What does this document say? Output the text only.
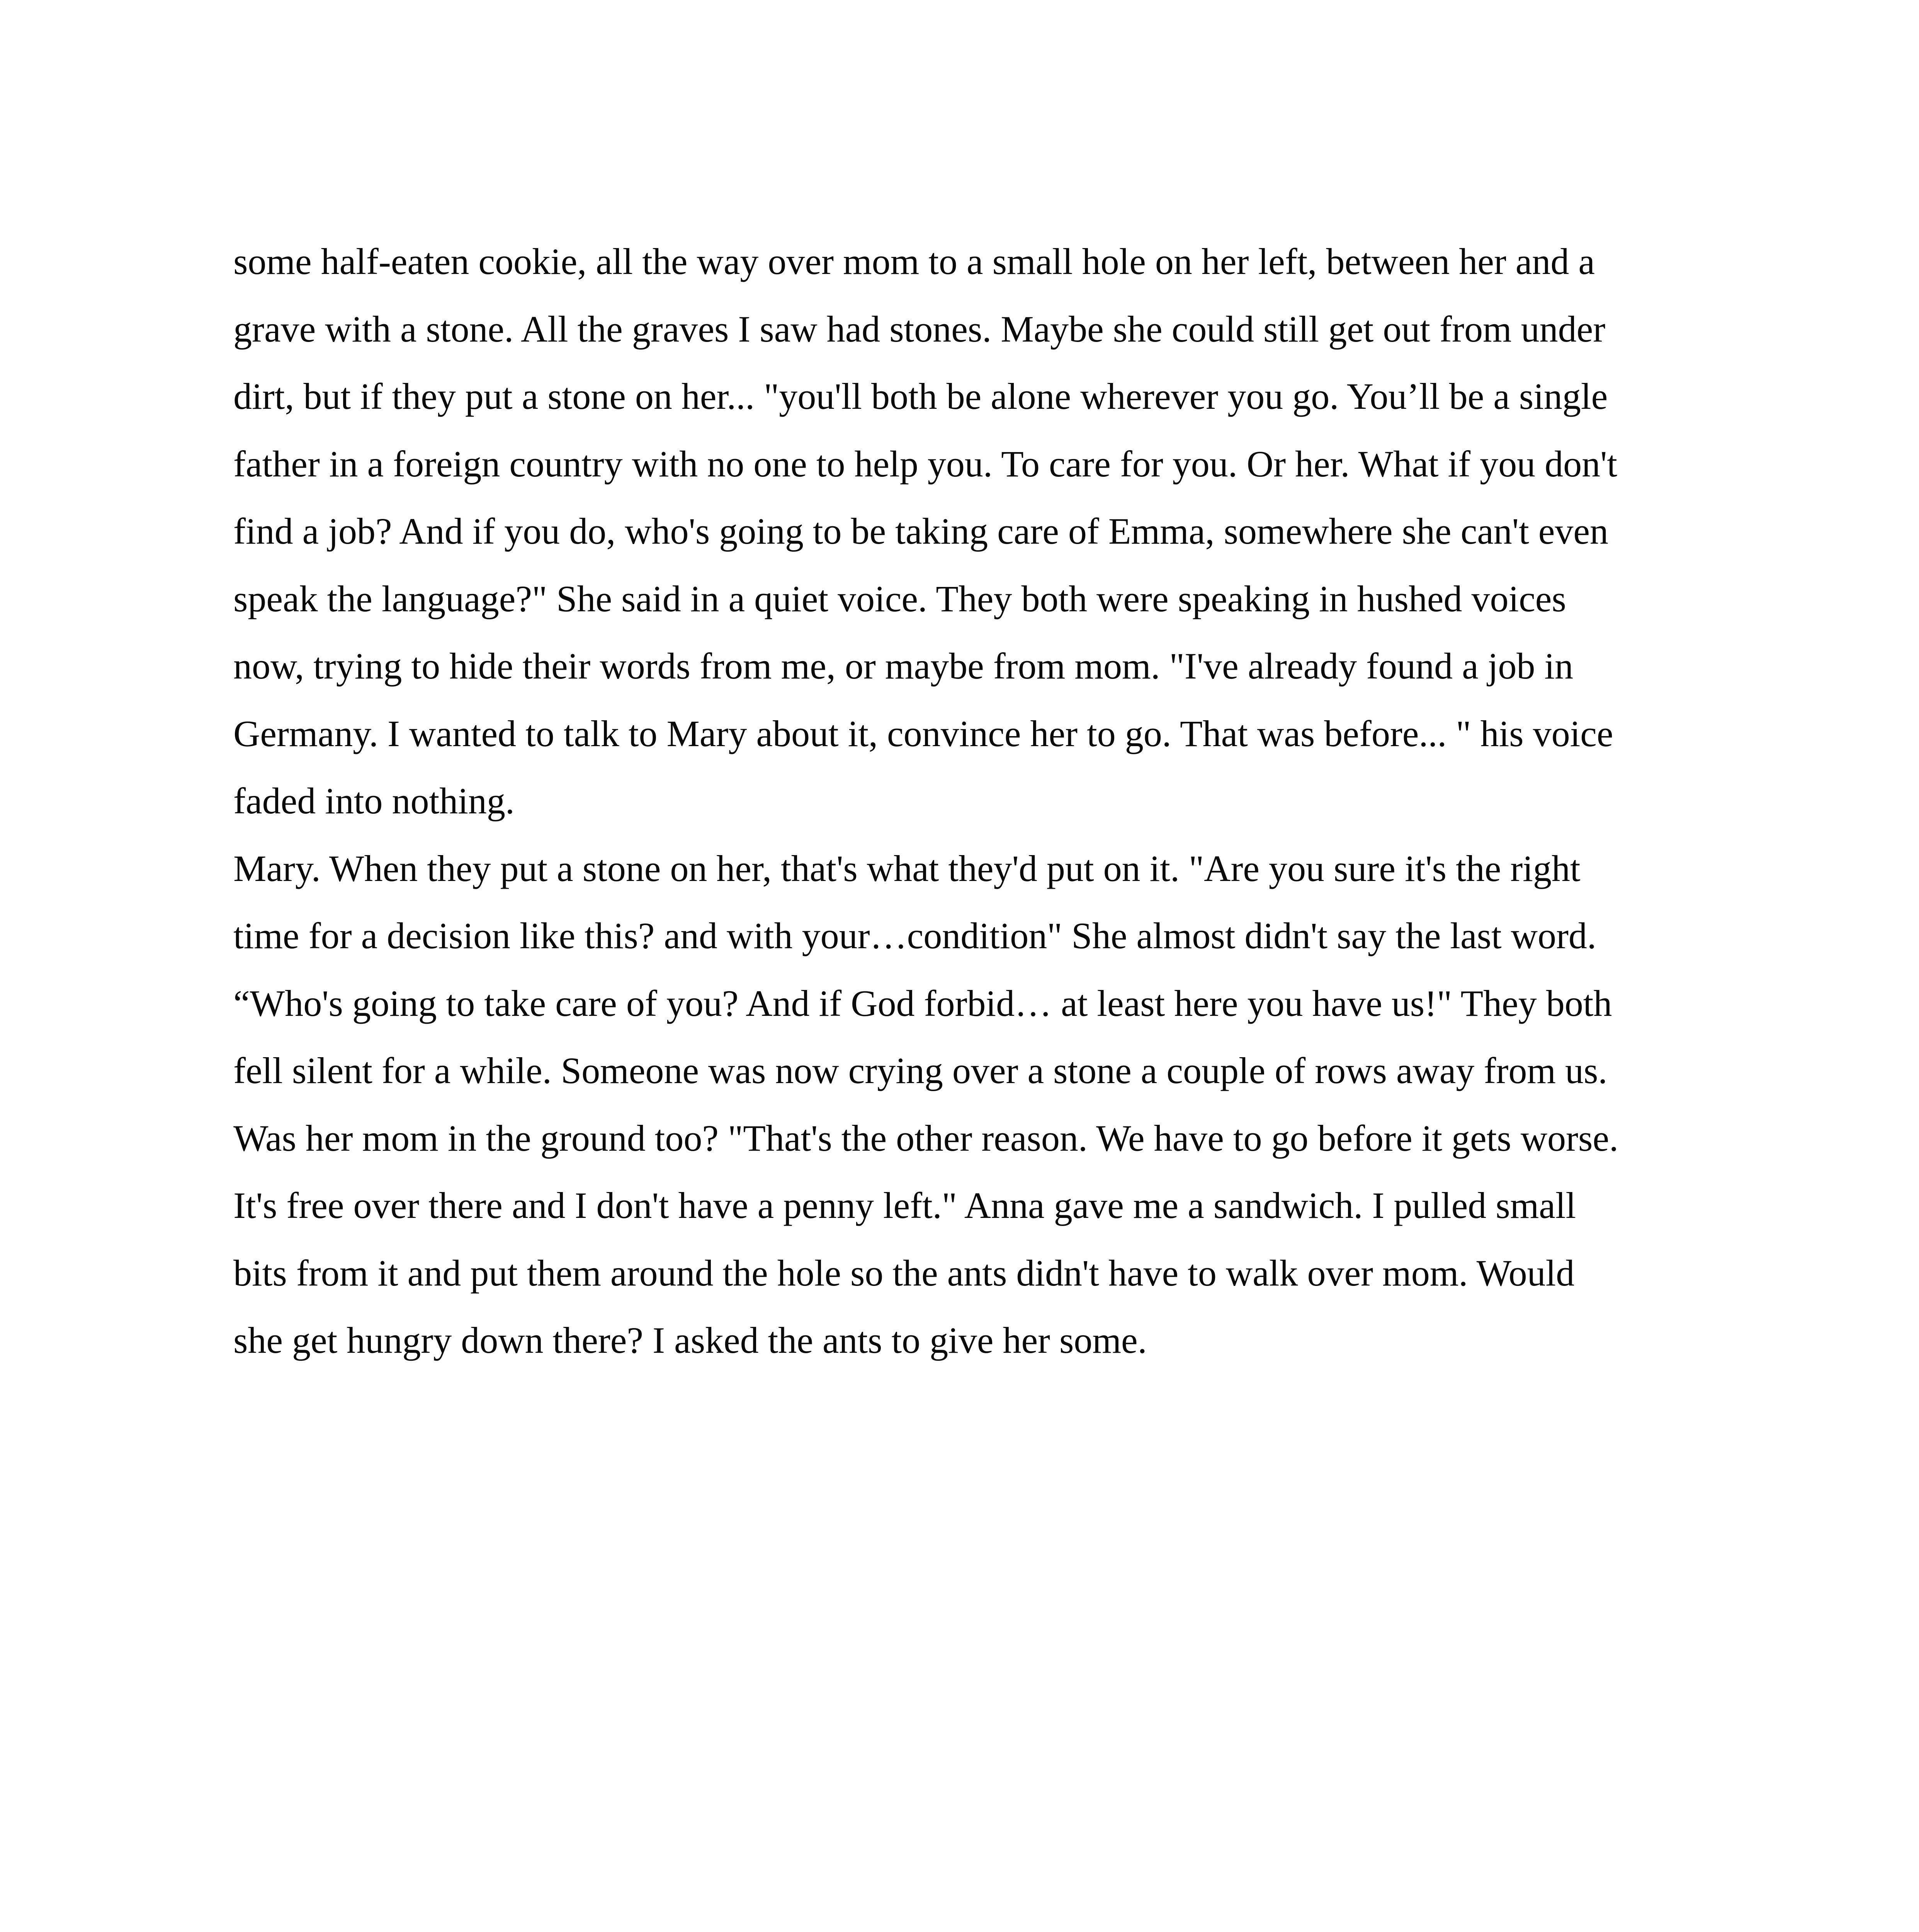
some half-eaten cookie, all the way over mom to a small hole on her left, between her and a
grave with a stone. All the graves I saw had stones. Maybe she could still get out from under
dirt, but if they put a stone on her... "you'll both be alone wherever you go. You’ll be a single
father in a foreign country with no one to help you. To care for you. Or her. What if you don't
find a job? And if you do, who's going to be taking care of Emma, somewhere she can't even
speak the language?" She said in a quiet voice. They both were speaking in hushed voices
now, trying to hide their words from me, or maybe from mom. "I've already found a job in
Germany. I wanted to talk to Mary about it, convince her to go. That was before... " his voice
faded into nothing.
Mary. When they put a stone on her, that's what they'd put on it. "Are you sure it's the right
time for a decision like this? and with your…condition" She almost didn't say the last word.
“Who's going to take care of you? And if God forbid… at least here you have us!" They both
fell silent for a while. Someone was now crying over a stone a couple of rows away from us.
Was her mom in the ground too? "That's the other reason. We have to go before it gets worse.
It's free over there and I don't have a penny left." Anna gave me a sandwich. I pulled small
bits from it and put them around the hole so the ants didn't have to walk over mom. Would
she get hungry down there? I asked the ants to give her some.
